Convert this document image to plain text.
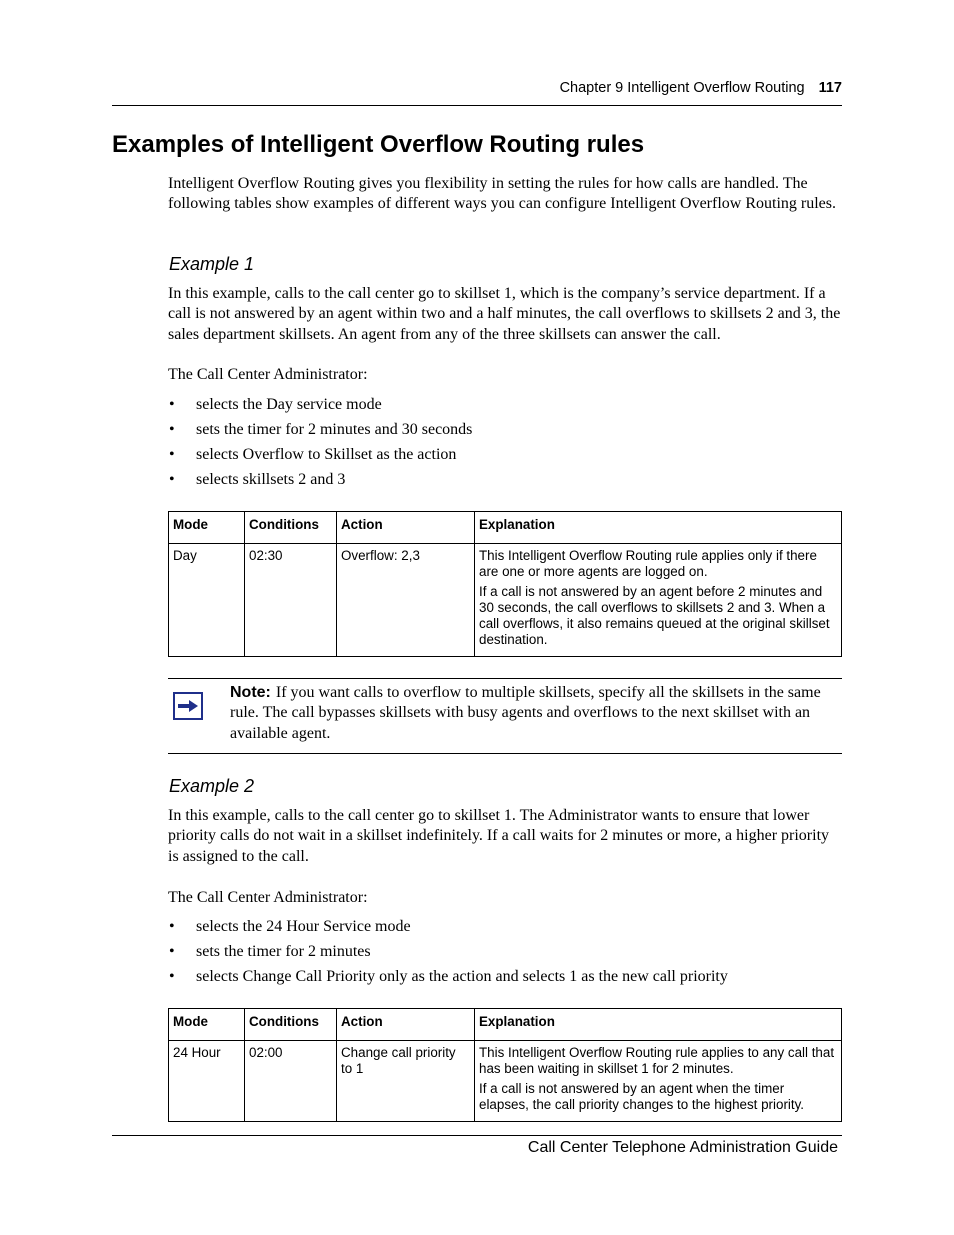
Chapter 9 Intelligent Overflow Routing 117
Examples of Intelligent Overflow Routing rules

Intelligent Overflow Routing gives you flexibility in setting the rules for how calls are handled. The following tables show examples of different ways you can configure Intelligent Overflow Routing rules.

Example 1

In this example, calls to the call center go to skillset 1, which is the company’s service department. If a call is not answered by an agent within two and a half minutes, the call overflows to skillsets 2 and 3, the sales department skillsets. An agent from any of the three skillsets can answer the call.

The Call Center Administrator:

• selects the Day service mode
• sets the timer for 2 minutes and 30 seconds
• selects Overflow to Skillset as the action
• selects skillsets 2 and 3
Mode	Conditions	Action	Explanation
Day	02:30	Overflow: 2,3	This Intelligent Overflow Routing rule applies only if there are one or more agents are logged on.

If a call is not answered by an agent before 2 minutes and 30 seconds, the call overflows to skillsets 2 and 3. When a call overflows, it also remains queued at the original skillset destination.

Note: If you want calls to overflow to multiple skillsets, specify all the skillsets in the same rule. The call bypasses skillsets with busy agents and overflows to the next skillset with an available agent.
Example 2

In this example, calls to the call center go to skillset 1. The Administrator wants to ensure that lower priority calls do not wait in a skillset indefinitely. If a call waits for 2 minutes or more, a higher priority is assigned to the call.

The Call Center Administrator:

• selects the 24 Hour Service mode
• sets the timer for 2 minutes
• selects Change Call Priority only as the action and selects 1 as the new call priority
Mode	Conditions	Action	Explanation
24 Hour	02:00	Change call priority to 1	This Intelligent Overflow Routing rule applies to any call that has been waiting in skillset 1 for 2 minutes.

If a call is not answered by an agent when the timer elapses, the call priority changes to the highest priority.

Call Center Telephone Administration Guide
